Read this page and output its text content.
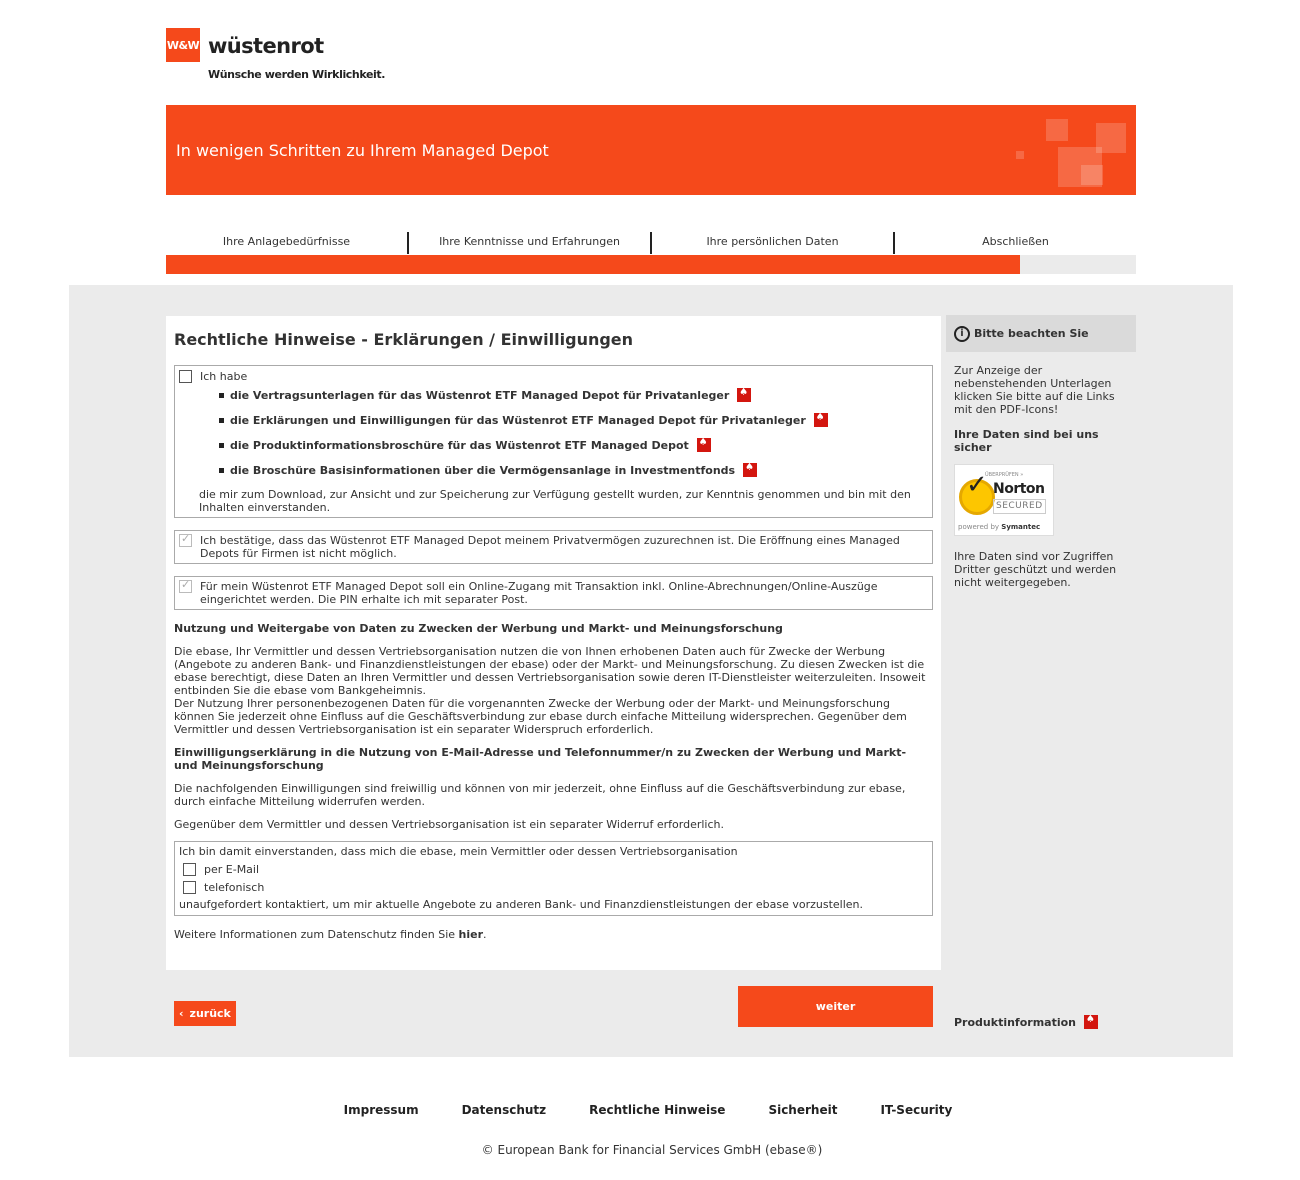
W&W wüstenrot
Wünsche werden Wirklichkeit.
In wenigen Schritten zu Ihrem Managed Depot
Ihre Anlagebedürfnisse	Ihre Kenntnisse und Erfahrungen	Ihre persönlichen Daten	Abschließen
Rechtliche Hinweise - Erklärungen / Einwilligungen
Ich habe
die Vertragsunterlagen für das Wüstenrot ETF Managed Depot für Privatanleger
♠
die Erklärungen und Einwilligungen für das Wüstenrot ETF Managed Depot für Privatanleger
♠
die Produktinformationsbroschüre für das Wüstenrot ETF Managed Depot
♠
die Broschüre Basisinformationen über die Vermögensanlage in Investmentfonds
♠
die mir zum Download, zur Ansicht und zur Speicherung zur Verfügung gestellt wurden, zur Kenntnis genommen und bin mit den Inhalten einverstanden.
✓
Ich bestätige, dass das Wüstenrot ETF Managed Depot meinem Privatvermögen zuzurechnen ist. Die Eröffnung eines Managed Depots für Firmen ist nicht möglich.
✓
Für mein Wüstenrot ETF Managed Depot soll ein Online-Zugang mit Transaktion inkl. Online-Abrechnungen/Online-Auszüge eingerichtet werden. Die PIN erhalte ich mit separater Post.
Nutzung und Weitergabe von Daten zu Zwecken der Werbung und Markt- und Meinungsforschung
Die ebase, Ihr Vermittler und dessen Vertriebsorganisation nutzen die von Ihnen erhobenen Daten auch für Zwecke der Werbung (Angebote zu anderen Bank- und Finanzdienstleistungen der ebase) oder der Markt- und Meinungsforschung. Zu diesen Zwecken ist die ebase berechtigt, diese Daten an Ihren Vermittler und dessen Vertriebsorganisation sowie deren IT-Dienstleister weiterzuleiten. Insoweit entbinden Sie die ebase vom Bankgeheimnis.
Der Nutzung Ihrer personenbezogenen Daten für die vorgenannten Zwecke der Werbung oder der Markt- und Meinungsforschung können Sie jederzeit ohne Einfluss auf die Geschäftsverbindung zur ebase durch einfache Mitteilung widersprechen. Gegenüber dem Vermittler und dessen Vertriebsorganisation ist ein separater Widerspruch erforderlich.
Einwilligungserklärung in die Nutzung von E-Mail-Adresse und Telefonnummer/n zu Zwecken der Werbung und Markt- und Meinungsforschung
Die nachfolgenden Einwilligungen sind freiwillig und können von mir jederzeit, ohne Einfluss auf die Geschäftsverbindung zur ebase, durch einfache Mitteilung widerrufen werden.
Gegenüber dem Vermittler und dessen Vertriebsorganisation ist ein separater Widerruf erforderlich.
Ich bin damit einverstanden, dass mich die ebase, mein Vermittler oder dessen Vertriebsorganisation
per E-Mail
telefonisch
unaufgefordert kontaktiert, um mir aktuelle Angebote zu anderen Bank- und Finanzdienstleistungen der ebase vorzustellen.
Weitere Informationen zum Datenschutz finden Sie hier.
i Bitte beachten Sie
Zur Anzeige der nebenstehenden Unterlagen klicken Sie bitte auf die Links mit den PDF-Icons!
Ihre Daten sind bei uns sicher
ÜBERPRÜFEN »
✓ Norton
SECURED
powered by Symantec
Ihre Daten sind vor Zugriffen Dritter geschützt und werden nicht weitergegeben.
‹ zurück
weiter
Produktinformation
♠
Impressum	Datenschutz	Rechtliche Hinweise	Sicherheit	IT-Security
© European Bank for Financial Services GmbH (ebase®)
